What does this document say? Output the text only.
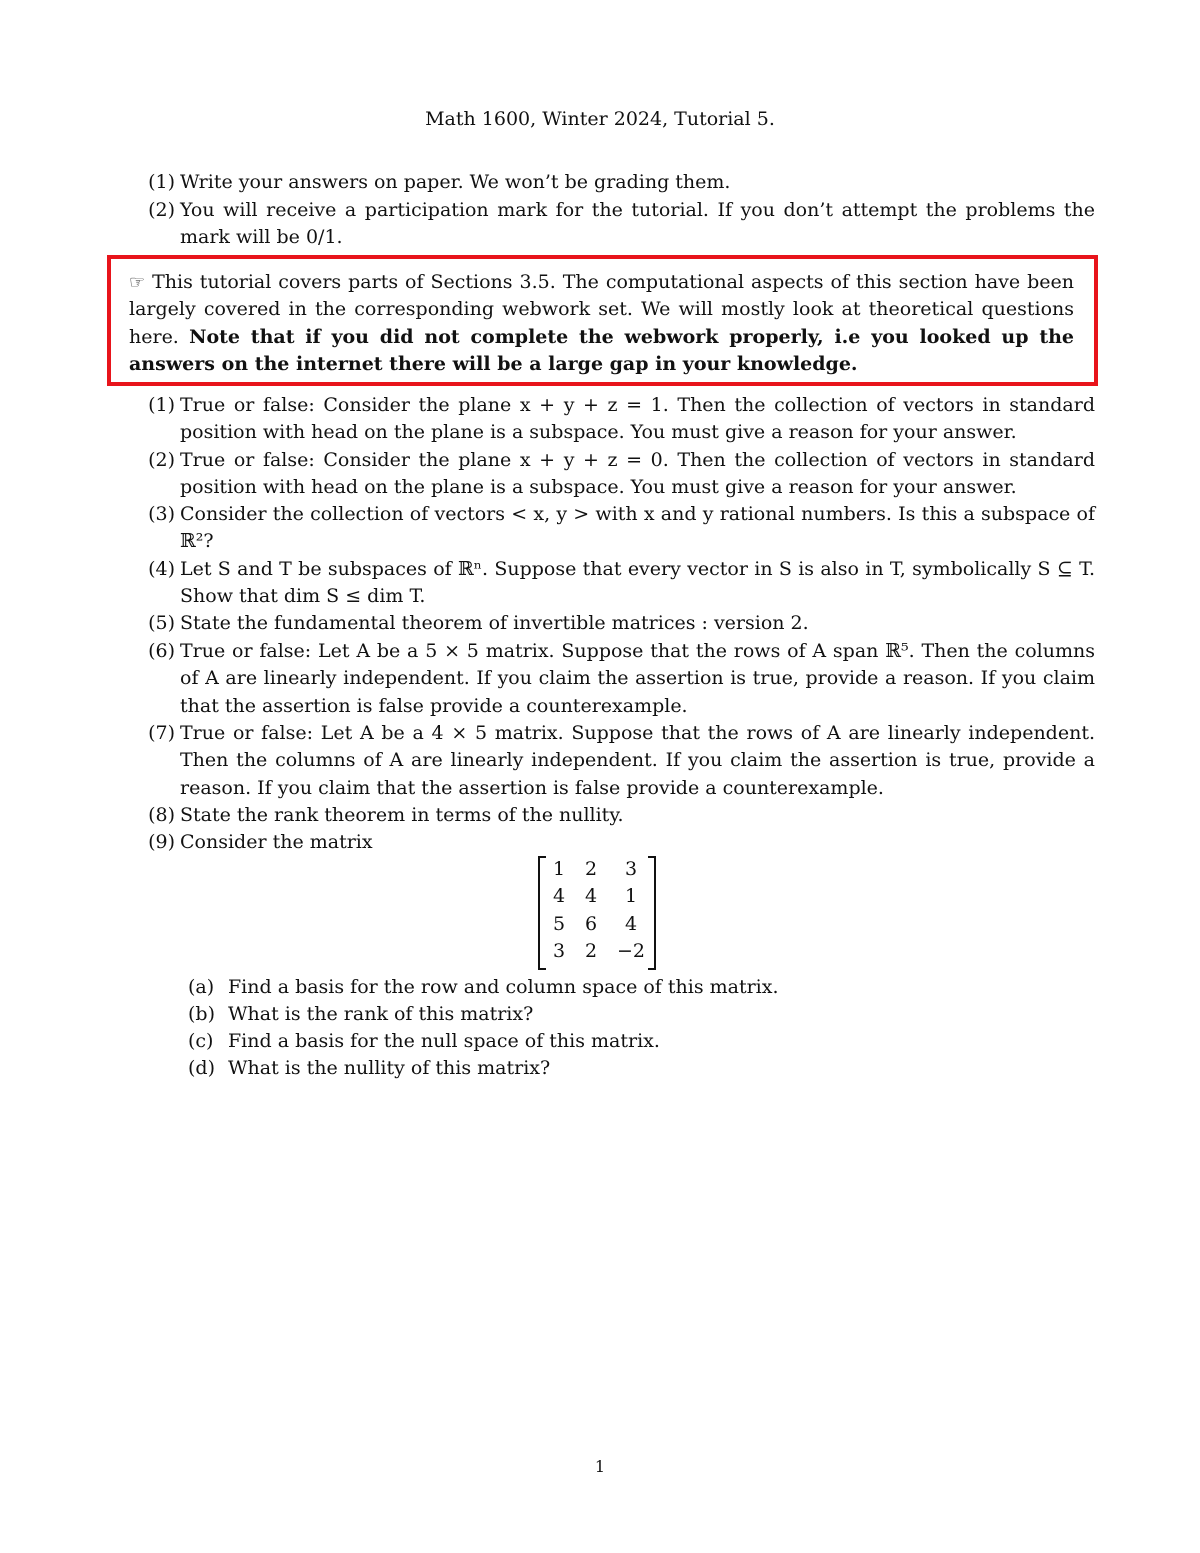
Math 1600, Winter 2024, Tutorial 5.
(1) Write your answers on paper. We won’t be grading them.
(2) You will receive a participation mark for the tutorial. If you don’t attempt the problems the mark will be 0/1.
☞ This tutorial covers parts of Sections 3.5. The computational aspects of this section have been largely covered in the corresponding webwork set. We will mostly look at theoretical questions here. Note that if you did not complete the webwork properly, i.e you looked up the answers on the internet there will be a large gap in your knowledge.
(1) True or false: Consider the plane x + y + z = 1. Then the collection of vectors in standard position with head on the plane is a subspace. You must give a reason for your answer.
(2) True or false: Consider the plane x + y + z = 0. Then the collection of vectors in standard position with head on the plane is a subspace. You must give a reason for your answer.
(3) Consider the collection of vectors < x, y > with x and y rational numbers. Is this a subspace of ℝ²?
(4) Let S and T be subspaces of ℝⁿ. Suppose that every vector in S is also in T, symbolically S ⊆ T. Show that dim S ≤ dim T.
(5) State the fundamental theorem of invertible matrices : version 2.
(6) True or false: Let A be a 5 × 5 matrix. Suppose that the rows of A span ℝ⁵. Then the columns of A are linearly independent. If you claim the assertion is true, provide a reason. If you claim that the assertion is false provide a counterexample.
(7) True or false: Let A be a 4 × 5 matrix. Suppose that the rows of A are linearly independent. Then the columns of A are linearly independent. If you claim the assertion is true, provide a reason. If you claim that the assertion is false provide a counterexample.
(8) State the rank theorem in terms of the nullity.
(9) Consider the matrix
1	2	3
4	4	1
5	6	4
3	2	−2
(a) Find a basis for the row and column space of this matrix.
(b) What is the rank of this matrix?
(c) Find a basis for the null space of this matrix.
(d) What is the nullity of this matrix?
1
